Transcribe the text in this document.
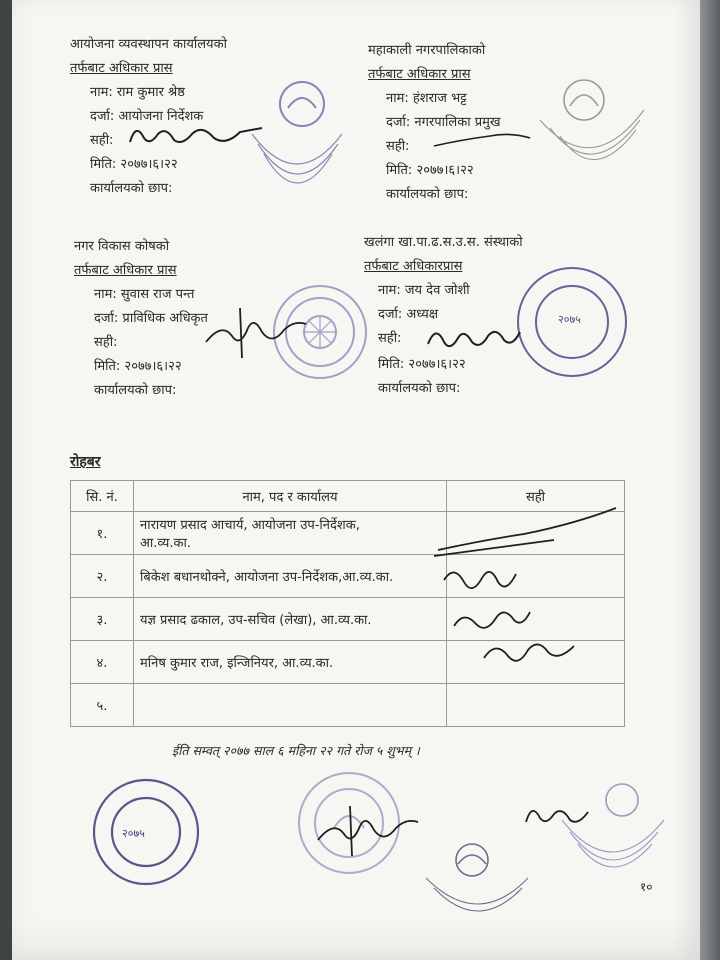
आयोजना व्यवस्थापन कार्यालयको
तर्फबाट अधिकार प्रास
नाम: राम कुमार श्रेष्ठ
दर्जा: आयोजना निर्देशक
सही:
मिति: २०७७।६।२२
कार्यालयको छाप:
महाकाली नगरपालिकाको
तर्फबाट अधिकार प्रास
नाम: हंशराज भट्ट
दर्जा: नगरपालिका प्रमुख
सही:
मिति: २०७७।६।२२
कार्यालयको छाप:
नगर विकास कोषको
तर्फबाट अधिकार प्रास
नाम: सुवास राज पन्त
दर्जा: प्राविधिक अधिकृत
सही:
मिति: २०७७।६।२२
कार्यालयको छाप:
खलंगा खा.पा.ढ.स.उ.स. संस्थाको
तर्फबाट अधिकारप्रास
नाम: जय देव जोशी
दर्जा: अध्यक्ष
सही:
मिति: २०७७।६।२२
कार्यालयको छाप:
रोहबर
सि. नं.	नाम, पद र कार्यालय	सही
१.	नारायण प्रसाद आचार्य, आयोजना उप-निर्देशक,
आ.व्य.का.	

२.	बिकेश बधानथोक्ने, आयोजना उप-निर्देशक,आ.व्य.का.	
३.	यज्ञ प्रसाद ढकाल, उप-सचिव (लेखा), आ.व्य.का.	
४.	मनिष कुमार राज, इन्जिनियर, आ.व्य.का.	
५.		
ईति सम्वत् २०७७ साल ६ महिना २२ गते रोज ५ शुभम् ।
१०
२०७५
२०७५
